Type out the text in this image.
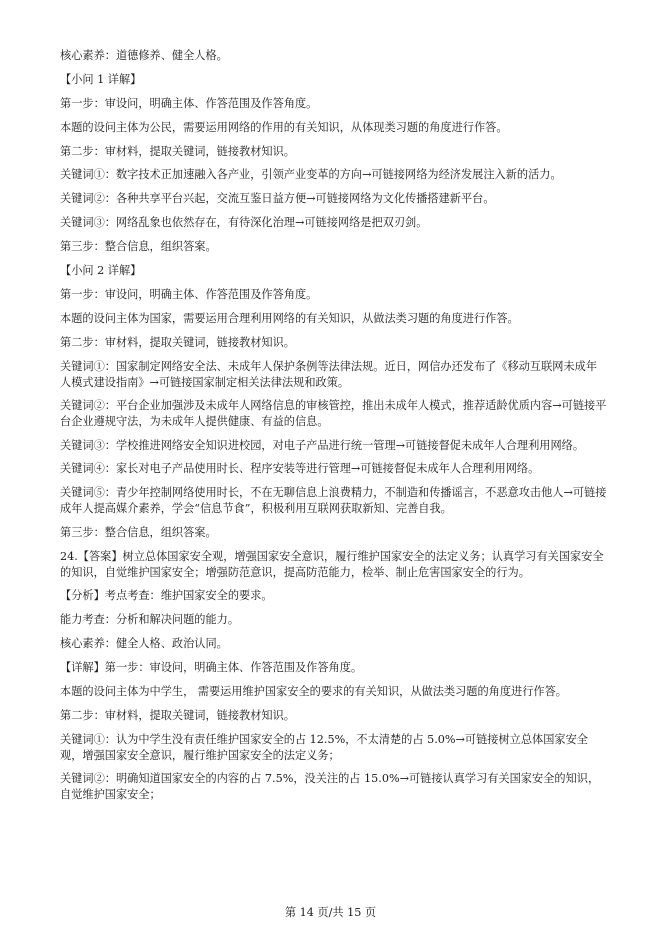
核心素养：道德修养、健全人格。
【小问 1 详解】
第一步：审设问，明确主体、作答范围及作答角度。
本题的设问主体为公民，需要运用网络的作用的有关知识，从体现类习题的角度进行作答。
第二步：审材料，提取关键词，链接教材知识。
关键词①：数字技术正加速融入各产业，引领产业变革的方向→可链接网络为经济发展注入新的活力。
关键词②：各种共享平台兴起，交流互鉴日益方便→可链接网络为文化传播搭建新平台。
关键词③：网络乱象也依然存在，有待深化治理→可链接网络是把双刃剑。
第三步：整合信息，组织答案。
【小问 2 详解】
第一步：审设问，明确主体、作答范围及作答角度。
本题的设问主体为国家，需要运用合理利用网络的有关知识，从做法类习题的角度进行作答。
第二步：审材料，提取关键词，链接教材知识。
关键词①：国家制定网络安全法、未成年人保护条例等法律法规。近日，网信办还发布了《移动互联网未成年人模式建设指南》→可链接国家制定相关法律法规和政策。
关键词②：平台企业加强涉及未成年人网络信息的审核管控，推出未成年人模式，推荐适龄优质内容→可链接平台企业遵规守法，为未成年人提供健康、有益的信息。
关键词③：学校推进网络安全知识进校园，对电子产品进行统一管理→可链接督促未成年人合理利用网络。
关键词④：家长对电子产品使用时长、程序安装等进行管理→可链接督促未成年人合理利用网络。
关键词⑤：青少年控制网络使用时长，不在无聊信息上浪费精力，不制造和传播谣言，不恶意攻击他人→可链接成年人提高媒介素养，学会“信息节食”，积极利用互联网获取新知、完善自我。
第三步：整合信息，组织答案。
24.【答案】树立总体国家安全观，增强国家安全意识，履行维护国家安全的法定义务；认真学习有关国家安全的知识，自觉维护国家安全；增强防范意识，提高防范能力，检举、制止危害国家安全的行为。
【分析】考点考查：维护国家安全的要求。
能力考查：分析和解决问题的能力。
核心素养：健全人格、政治认同。
【详解】第一步：审设问，明确主体、作答范围及作答角度。
本题的设问主体为中学生， 需要运用维护国家安全的要求的有关知识，从做法类习题的角度进行作答。
第二步：审材料，提取关键词，链接教材知识。
关键词①：认为中学生没有责任维护国家安全的占 12.5%，不太清楚的占 5.0%→可链接树立总体国家安全观，增强国家安全意识，履行维护国家安全的法定义务；
关键词②：明确知道国家安全的内容的占 7.5%，没关注的占 15.0%→可链接认真学习有关国家安全的知识，自觉维护国家安全；
第 14 页/共 15 页
